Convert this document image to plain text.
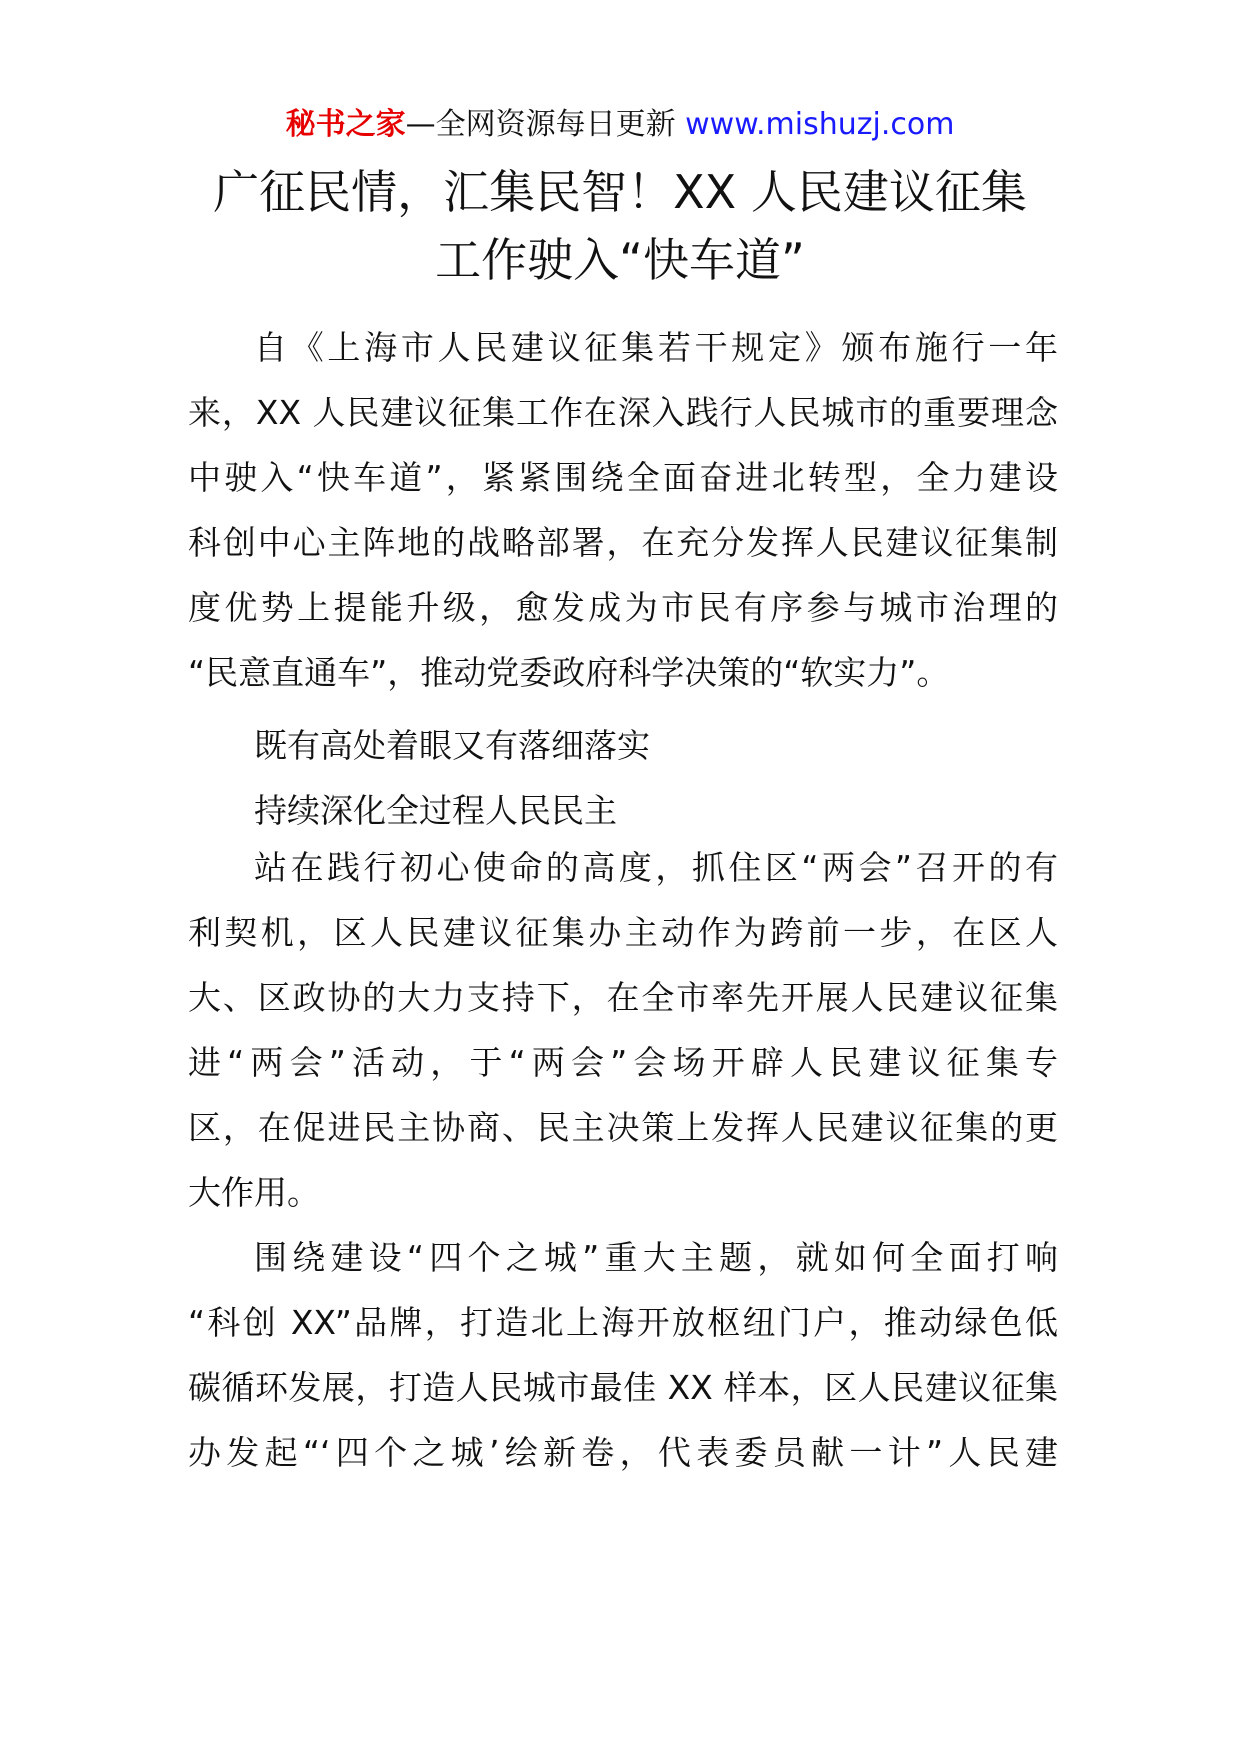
秘书之家—全网资源每日更新 www.mishuzj.com
广征民情，汇集民智！XX 人民建议征集
工作驶入“快车道”
自《上海市人民建议征集若干规定》颁布施行一年
来，XX 人民建议征集工作在深入践行人民城市的重要理念
中驶入“快车道”，紧紧围绕全面奋进北转型，全力建设
科创中心主阵地的战略部署，在充分发挥人民建议征集制
度优势上提能升级，愈发成为市民有序参与城市治理的
“民意直通车”，推动党委政府科学决策的“软实力”。
既有高处着眼又有落细落实
持续深化全过程人民民主
站在践行初心使命的高度，抓住区“两会”召开的有
利契机，区人民建议征集办主动作为跨前一步，在区人
大、区政协的大力支持下，在全市率先开展人民建议征集
进“两会”活动，于“两会”会场开辟人民建议征集专
区，在促进民主协商、民主决策上发挥人民建议征集的更
大作用。
围绕建设“四个之城”重大主题，就如何全面打响
“科创 XX”品牌，打造北上海开放枢纽门户，推动绿色低
碳循环发展，打造人民城市最佳 XX 样本，区人民建议征集
办发起“‘四个之城’绘新卷，代表委员献一计”人民建
